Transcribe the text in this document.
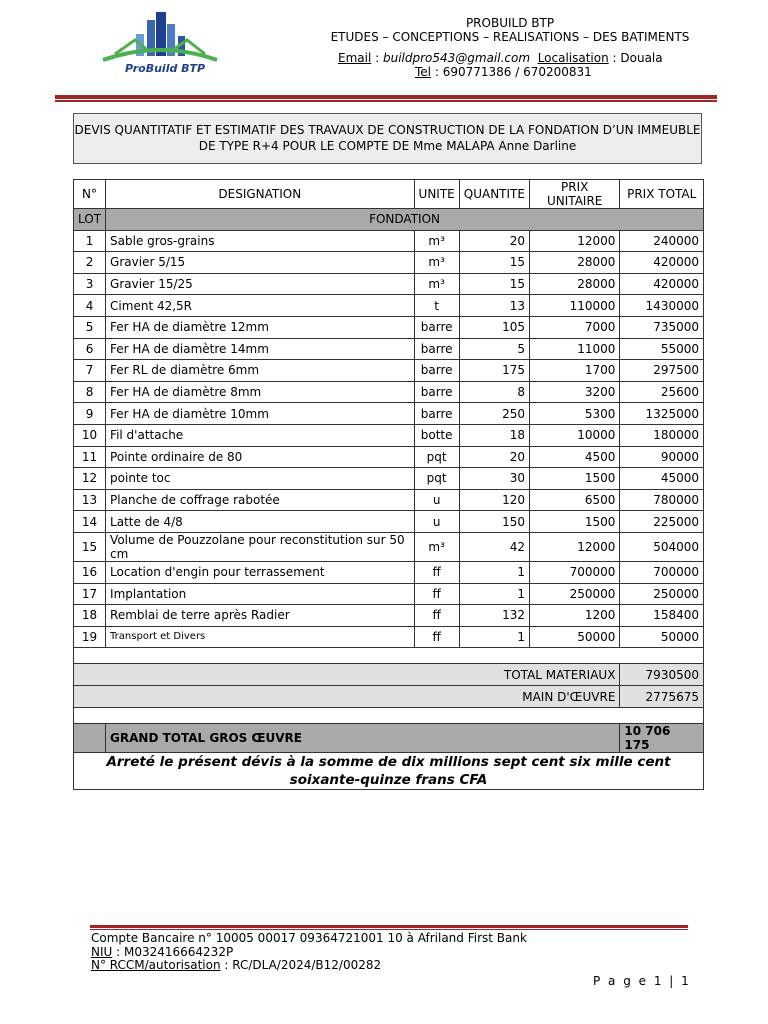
ProBuild BTP
PROBUILD BTP
ETUDES – CONCEPTIONS – REALISATIONS – DES BATIMENTS
Email : buildpro543@gmail.com Localisation : Douala
Tel : 690771386 / 670200831
DEVIS QUANTITATIF ET ESTIMATIF DES TRAVAUX DE CONSTRUCTION DE LA FONDATION D’UN IMMEUBLE
DE TYPE R+4 POUR LE COMPTE DE Mme MALAPA Anne Darline
N°	DESIGNATION	UNITE	QUANTITE	PRIX UNITAIRE	PRIX TOTAL
LOT	FONDATION				
1	Sable gros-grains	m³	20	12000	240000
2	Gravier 5/15	m³	15	28000	420000
3	Gravier 15/25	m³	15	28000	420000
4	Ciment 42,5R	t	13	110000	1430000
5	Fer HA de diamètre 12mm	barre	105	7000	735000
6	Fer HA de diamètre 14mm	barre	5	11000	55000
7	Fer RL de diamètre 6mm	barre	175	1700	297500
8	Fer HA de diamètre 8mm	barre	8	3200	25600
9	Fer HA de diamètre 10mm	barre	250	5300	1325000
10	Fil d'attache	botte	18	10000	180000
11	Pointe ordinaire de 80	pqt	20	4500	90000
12	pointe toc	pqt	30	1500	45000
13	Planche de coffrage rabotée	u	120	6500	780000
14	Latte de 4/8	u	150	1500	225000
15	Volume de Pouzzolane pour reconstitution sur 50 cm	m³	42	12000	504000
16	Location d'engin pour terrassement	ff	1	700000	700000
17	Implantation	ff	1	250000	250000
18	Remblai de terre après Radier	ff	132	1200	158400
19	Transport et Divers	ff	1	50000	50000

TOTAL MATERIAUX					7930500
MAIN D'ŒUVRE					2775675

	GRAND TOTAL GROS ŒUVRE				10 706 175
Arreté le présent dévis à la somme de dix millions sept cent six mille cent soixante-quinze frans CFA					
Compte Bancaire n° 10005 00017 09364721001 10 à Afriland First Bank
NIU : M032416664232P
N° RCCM/autorisation : RC/DLA/2024/B12/00282
P a g e 1 | 1
